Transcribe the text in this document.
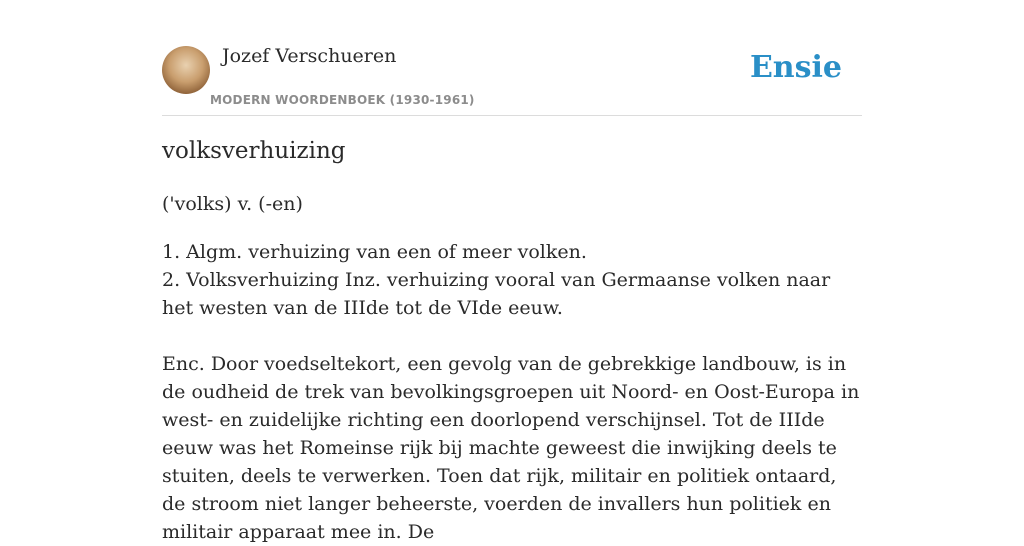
Jozef Verschueren
MODERN WOORDENBOEK (1930-1961)
Ensie
volksverhuizing
('volks) v. (-en)

1. Algm. verhuizing van een of meer volken.

2. Volksverhuizing Inz. verhuizing vooral van Germaanse volken naar het westen van de IIIde tot de VIde eeuw.

Enc. Door voedseltekort, een gevolg van de gebrekkige landbouw, is in de oudheid de trek van bevolkingsgroepen uit Noord- en Oost-Europa in west- en zuidelijke richting een doorlopend verschijnsel. Tot de IIIde eeuw was het Romeinse rijk bij machte geweest die inwijking deels te stuiten, deels te verwerken. Toen dat rijk, militair en politiek ontaard, de stroom niet langer beheerste, voerden de invallers hun politiek en militair apparaat mee in. De
